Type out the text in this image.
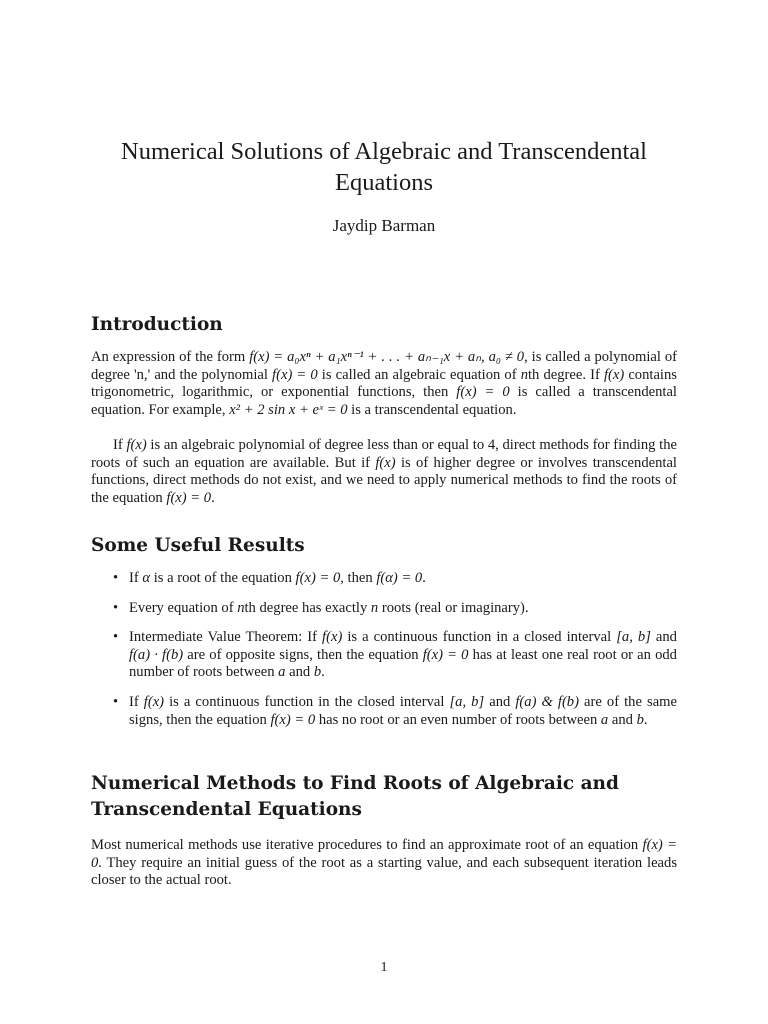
Numerical Solutions of Algebraic and Transcendental Equations
Jaydip Barman
Introduction

An expression of the form f(x) = a₀xⁿ + a₁xⁿ⁻¹ + . . . + aₙ₋₁x + aₙ, a₀ ≠ 0, is called a polynomial of degree 'n,' and the polynomial f(x) = 0 is called an algebraic equation of nth degree. If f(x) contains trigonometric, logarithmic, or exponential functions, then f(x) = 0 is called a transcendental equation. For example, x² + 2 sin x + eˣ = 0 is a transcendental equation.

If f(x) is an algebraic polynomial of degree less than or equal to 4, direct methods for finding the roots of such an equation are available. But if f(x) is of higher degree or involves transcendental functions, direct methods do not exist, and we need to apply numerical methods to find the roots of the equation f(x) = 0.

Some Useful Results
• If α is a root of the equation f(x) = 0, then f(α) = 0.
• Every equation of nth degree has exactly n roots (real or imaginary).
• Intermediate Value Theorem: If f(x) is a continuous function in a closed interval [a, b] and f(a) · f(b) are of opposite signs, then the equation f(x) = 0 has at least one real root or an odd number of roots between a and b.
• If f(x) is a continuous function in the closed interval [a, b] and f(a) & f(b) are of the same signs, then the equation f(x) = 0 has no root or an even number of roots between a and b.
Numerical Methods to Find Roots of Algebraic and Transcendental Equations

Most numerical methods use iterative procedures to find an approximate root of an equation f(x) = 0. They require an initial guess of the root as a starting value, and each subsequent iteration leads closer to the actual root.

1
